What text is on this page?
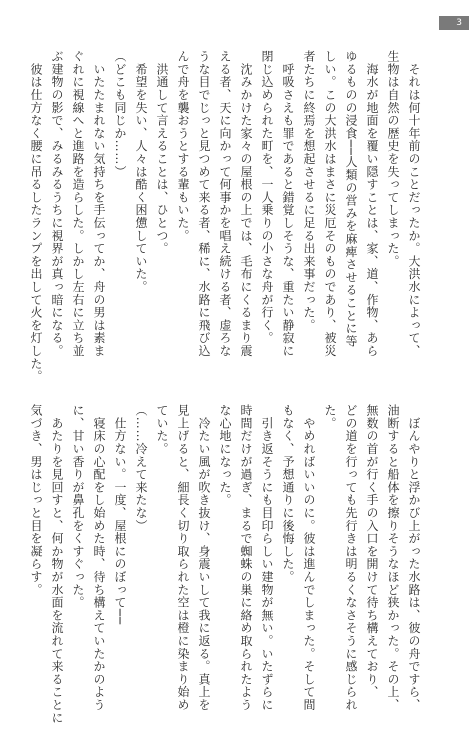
3

　それは何十年前のことだったか。大洪水によって、

生物は自然の歴史を失ってしまった。

　海水が地面を覆い隠すことは、家、道、作物、あら

ゆるものの浸食──人類の営みを麻痺させることに等

しい。この大洪水はまさに災厄そのものであり、被災

者たちに終焉を想起させるに足る出来事だった。

　呼吸さえも罪であると錯覚しそうな、重たい静寂に

閉じ込められた町を、一人乗りの小さな舟が行く。

　沈みかけた家々の屋根の上では、毛布にくるまり震

える者、天に向かって何事かを唱え続ける者、虚ろな

うな目でじっと見つめて来る者、稀に、水路に飛び込

んで舟を襲おうとする輩もいた。

　洪通して言えることは、ひとつ。

　希望を失い、人々は酷く困憊していた。

（どこも同じか……）

　いたたまれない気持ちを手伝ってか、舟の男は素ま

ぐれに視線へと進路を造らした。しかし左右に立ち並

ぶ建物の影で、みるみるうちに視界が真っ暗になる。

　彼は仕方なく腰に吊るしたランプを出して火を灯した。

　ぼんやりと浮かび上がった水路は、彼の舟ですら、

油断すると船体を擦りそうなほど狭かった。その上、

無数の首が行く手の入口を開けて待ち構えており、

どの道を行っても先行きは明るくなさそうに感じられ

た。

　やめればいいのに。彼は進んでしまった。そして間

もなく、予想通りに後悔した。

　引き返そうにも目印らしい建物が無い。いたずらに

時間だけが過ぎ、まるで蜘蛛の巣に絡め取られたよう

な心地になった。

　冷たい風が吹き抜け、身震いして我に返る。真上を

見上げると、細長く切り取られた空は橙に染まり始め

ていた。

（……冷えて来たな）

　仕方ない。一度、屋根にのぼって──

　寝床の心配をし始めた時、待ち構えていたかのよう

に、甘い香りが鼻孔をくすぐった。

　あたりを見回すと、何か物が水面を流れて来ることに

気づき、男はじっと目を凝らす。
